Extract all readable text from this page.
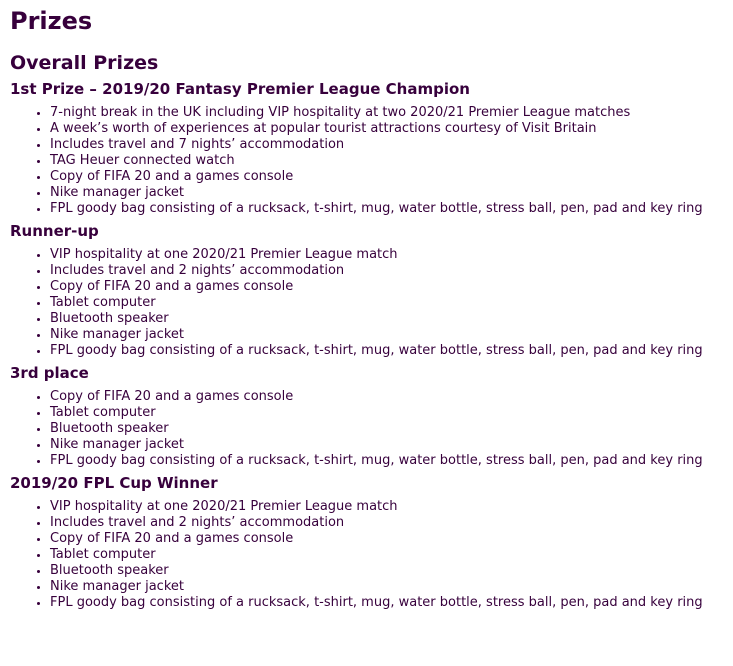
Prizes
Overall Prizes
1st Prize – 2019/20 Fantasy Premier League Champion
• 7-night break in the UK including VIP hospitality at two 2020/21 Premier League matches
• A week’s worth of experiences at popular tourist attractions courtesy of Visit Britain
• Includes travel and 7 nights’ accommodation
• TAG Heuer connected watch
• Copy of FIFA 20 and a games console
• Nike manager jacket
• FPL goody bag consisting of a rucksack, t-shirt, mug, water bottle, stress ball, pen, pad and key ring
Runner-up
• VIP hospitality at one 2020/21 Premier League match
• Includes travel and 2 nights’ accommodation
• Copy of FIFA 20 and a games console
• Tablet computer
• Bluetooth speaker
• Nike manager jacket
• FPL goody bag consisting of a rucksack, t-shirt, mug, water bottle, stress ball, pen, pad and key ring
3rd place
• Copy of FIFA 20 and a games console
• Tablet computer
• Bluetooth speaker
• Nike manager jacket
• FPL goody bag consisting of a rucksack, t-shirt, mug, water bottle, stress ball, pen, pad and key ring
2019/20 FPL Cup Winner
• VIP hospitality at one 2020/21 Premier League match
• Includes travel and 2 nights’ accommodation
• Copy of FIFA 20 and a games console
• Tablet computer
• Bluetooth speaker
• Nike manager jacket
• FPL goody bag consisting of a rucksack, t-shirt, mug, water bottle, stress ball, pen, pad and key ring
